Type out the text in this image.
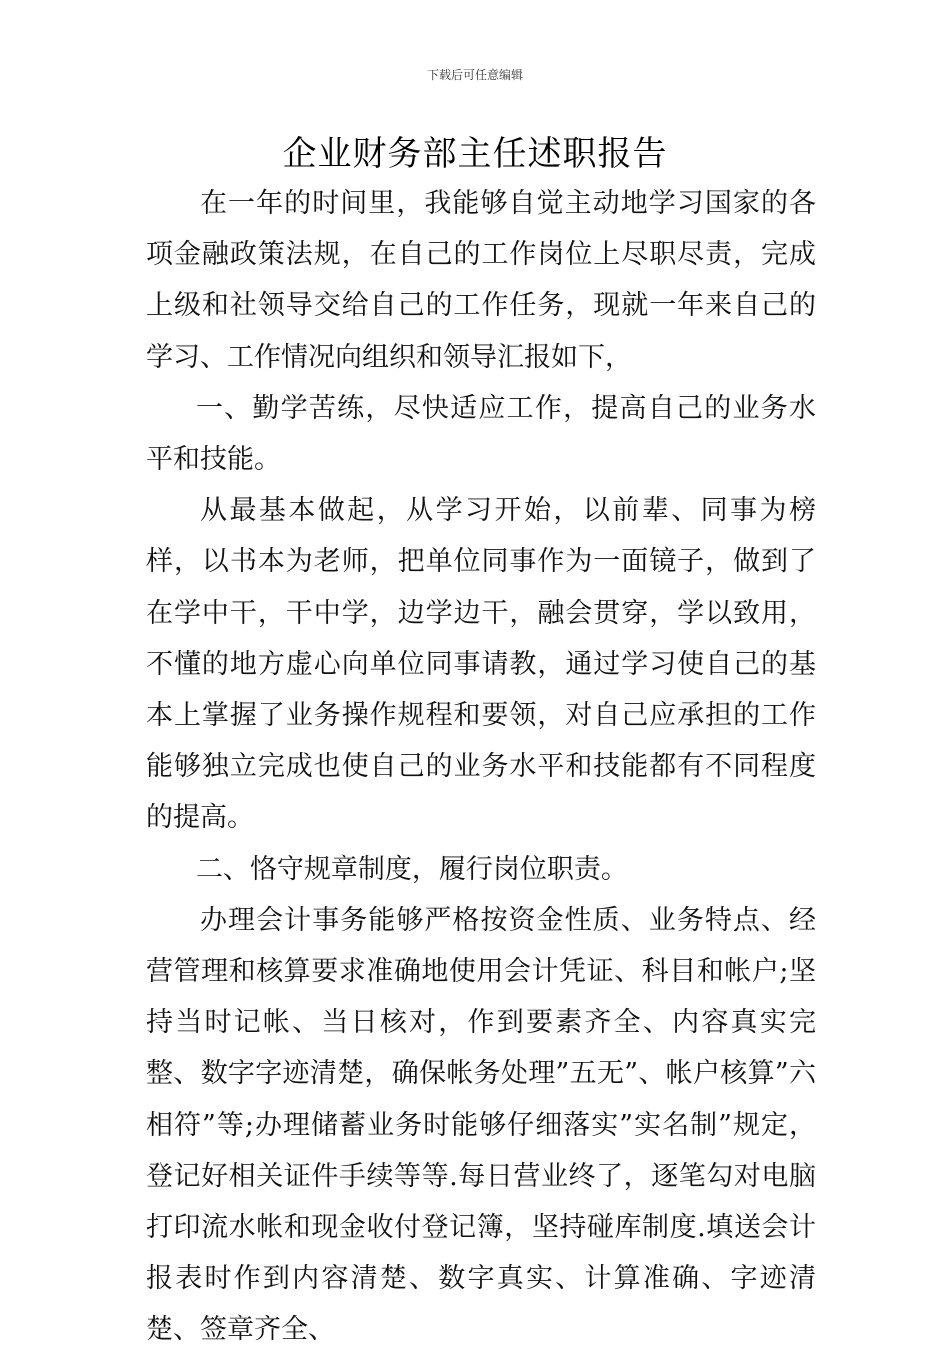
下载后可任意编辑
企业财务部主任述职报告

在一年的时间里，我能够自觉主动地学习国家的各项金融政策法规，在自己的工作岗位上尽职尽责，完成上级和社领导交给自己的工作任务，现就一年来自己的学习、工作情况向组织和领导汇报如下，

一、勤学苦练，尽快适应工作，提高自己的业务水平和技能。

从最基本做起，从学习开始，以前辈、同事为榜样，以书本为老师，把单位同事作为一面镜子，做到了在学中干，干中学，边学边干，融会贯穿，学以致用，不懂的地方虚心向单位同事请教，通过学习使自己的基本上掌握了业务操作规程和要领，对自己应承担的工作能够独立完成也使自己的业务水平和技能都有不同程度的提高。

二、恪守规章制度，履行岗位职责。

办理会计事务能够严格按资金性质、业务特点、经营管理和核算要求准确地使用会计凭证、科目和帐户;坚持当时记帐、当日核对，作到要素齐全、内容真实完整、数字字迹清楚，确保帐务处理”五无”、帐户核算”六相符”等;办理储蓄业务时能够仔细落实”实名制”规定，登记好相关证件手续等等.每日营业终了，逐笔勾对电脑打印流水帐和现金收付登记簿，坚持碰库制度.填送会计报表时作到内容清楚、数字真实、计算准确、字迹清楚、签章齐全、
